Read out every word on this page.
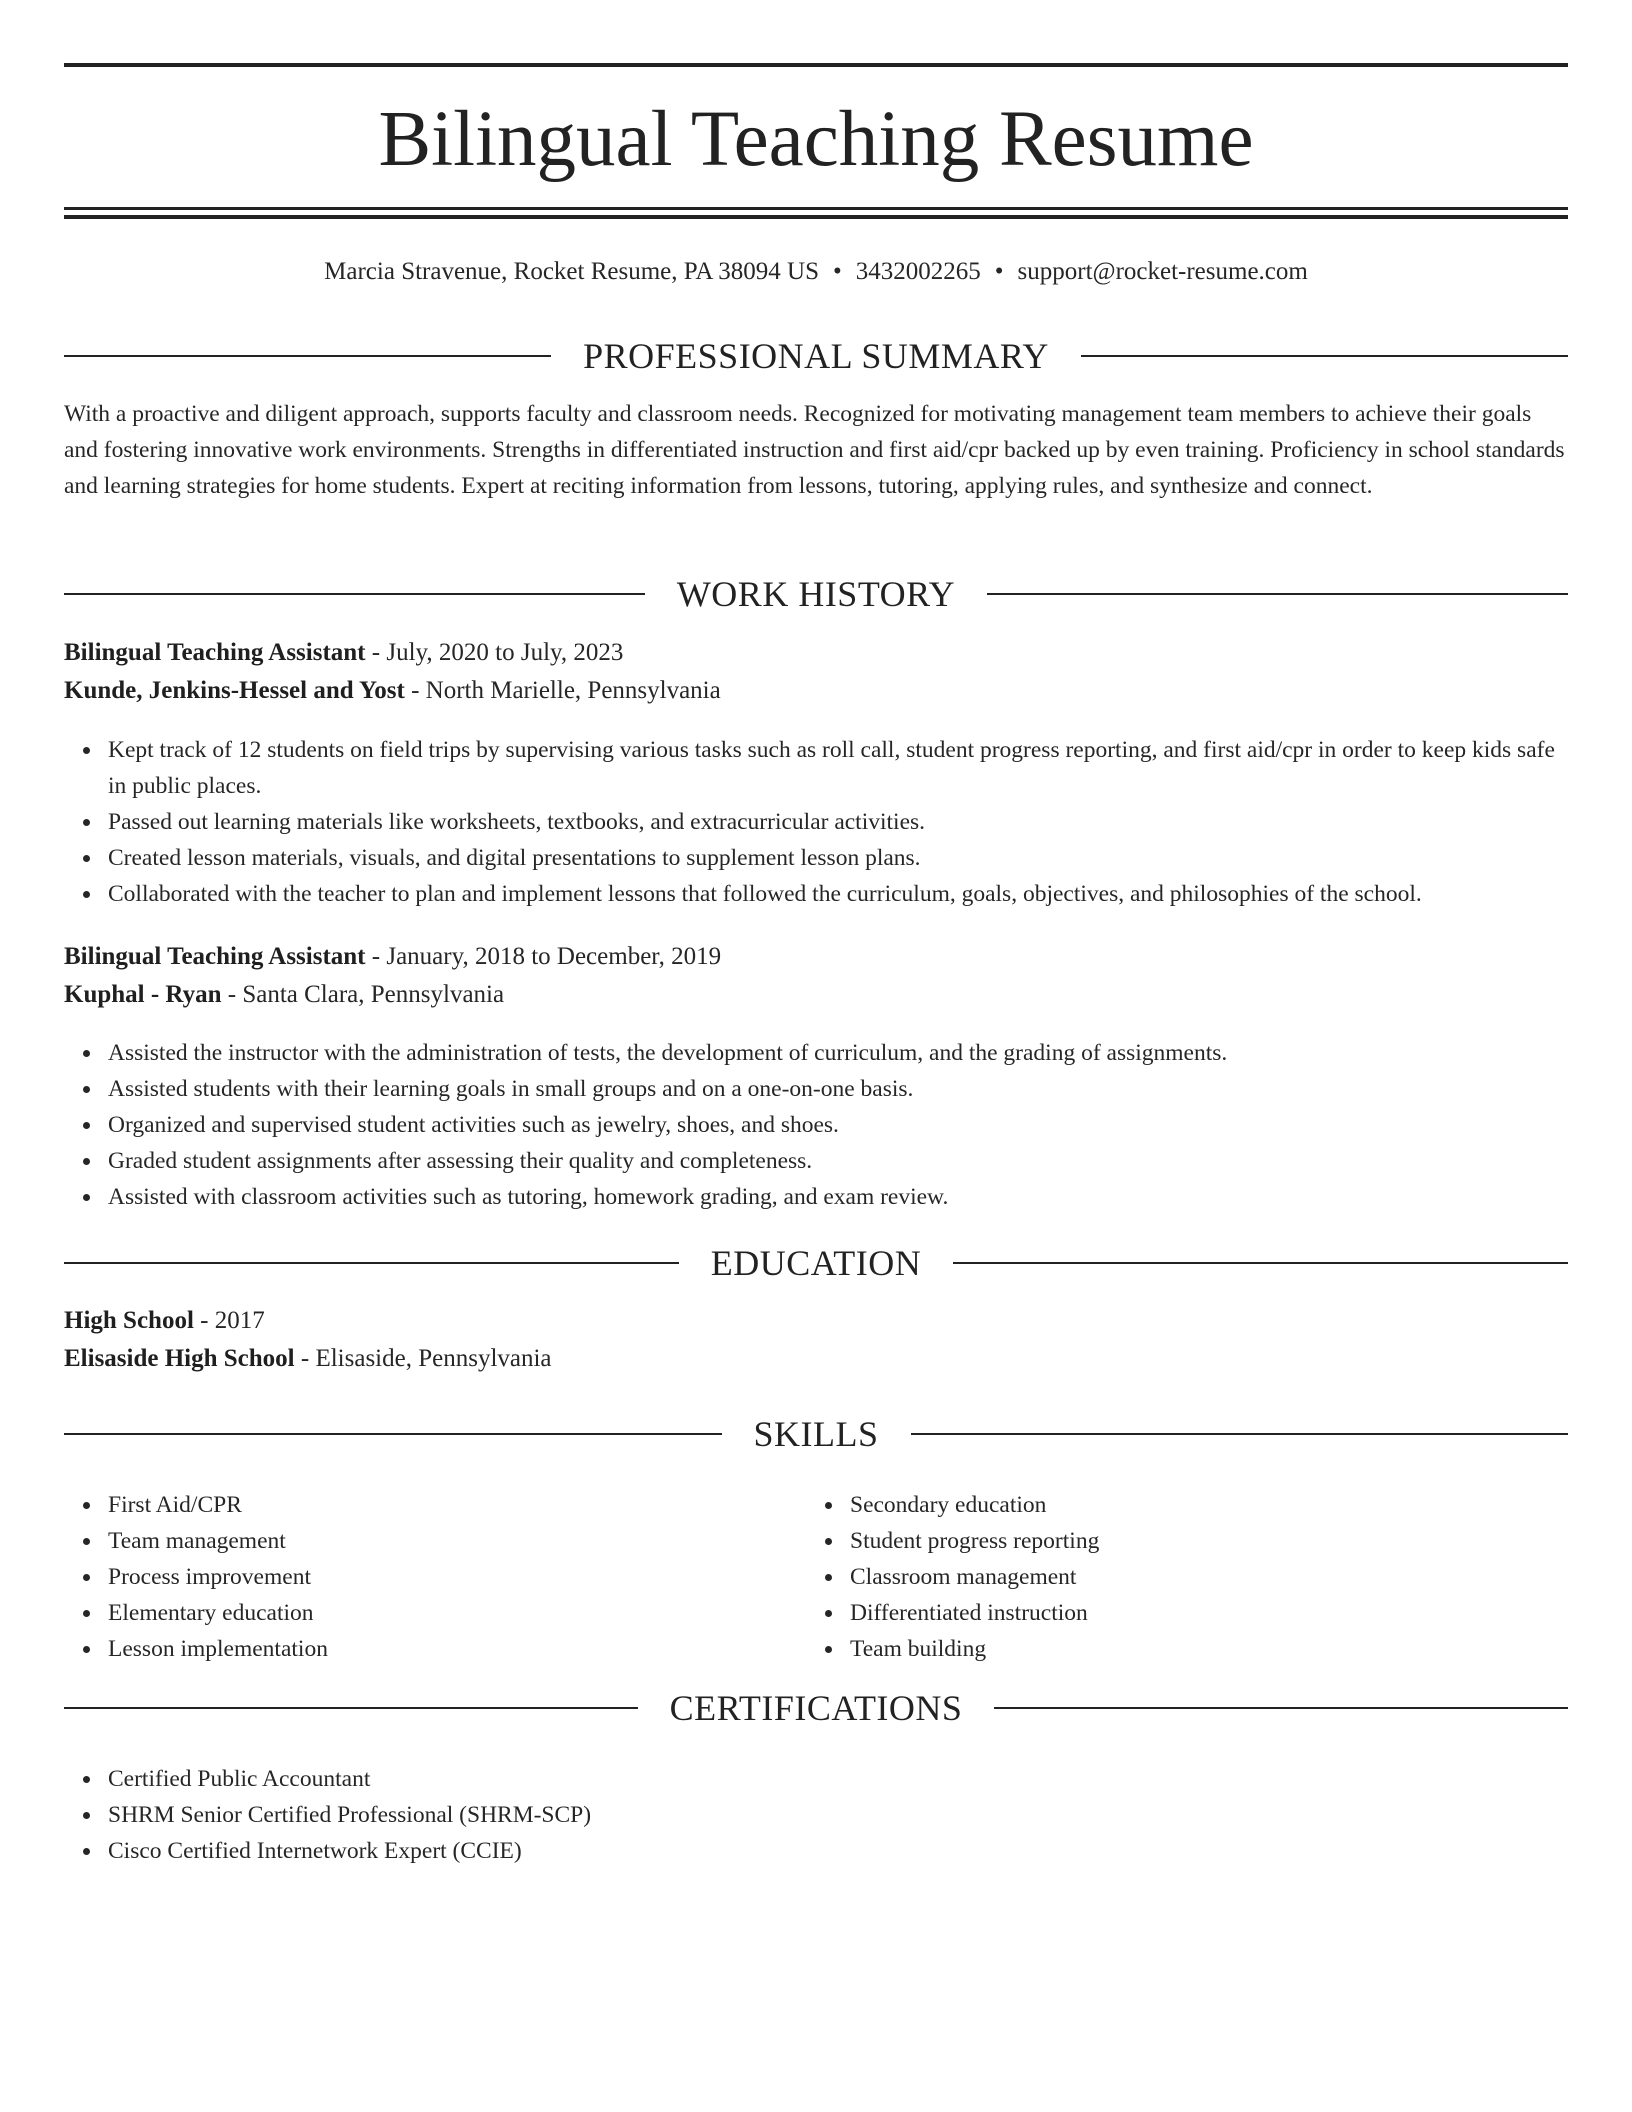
Bilingual Teaching Resume
Marcia Stravenue, Rocket Resume, PA 38094 US • 3432002265 • support@rocket-resume.com
PROFESSIONAL SUMMARY

With a proactive and diligent approach, supports faculty and classroom needs. Recognized for motivating management team members to achieve their goals and fostering innovative work environments. Strengths in differentiated instruction and first aid/cpr backed up by even training. Proficiency in school standards and learning strategies for home students. Expert at reciting information from lessons, tutoring, applying rules, and synthesize and connect.

WORK HISTORY
Bilingual Teaching Assistant - July, 2020 to July, 2023
Kunde, Jenkins-Hessel and Yost - North Marielle, Pennsylvania
Kept track of 12 students on field trips by supervising various tasks such as roll call, student progress reporting, and first aid/cpr in order to keep kids safe in public places.
Passed out learning materials like worksheets, textbooks, and extracurricular activities.
Created lesson materials, visuals, and digital presentations to supplement lesson plans.
Collaborated with the teacher to plan and implement lessons that followed the curriculum, goals, objectives, and philosophies of the school.
Bilingual Teaching Assistant - January, 2018 to December, 2019
Kuphal - Ryan - Santa Clara, Pennsylvania
Assisted the instructor with the administration of tests, the development of curriculum, and the grading of assignments.
Assisted students with their learning goals in small groups and on a one-on-one basis.
Organized and supervised student activities such as jewelry, shoes, and shoes.
Graded student assignments after assessing their quality and completeness.
Assisted with classroom activities such as tutoring, homework grading, and exam review.
EDUCATION
High School - 2017
Elisaside High School - Elisaside, Pennsylvania
SKILLS
First Aid/CPR
Team management
Process improvement
Elementary education
Lesson implementation
Secondary education
Student progress reporting
Classroom management
Differentiated instruction
Team building
CERTIFICATIONS
Certified Public Accountant
SHRM Senior Certified Professional (SHRM-SCP)
Cisco Certified Internetwork Expert (CCIE)
